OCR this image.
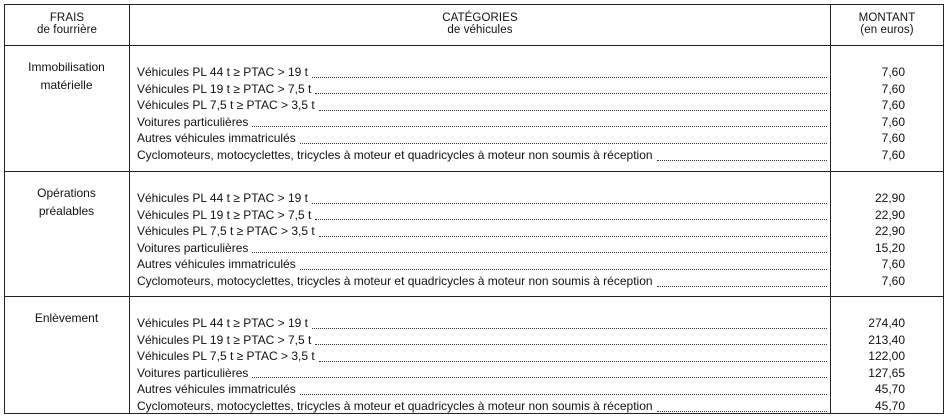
FRAIS
de fourrière
CATÉGORIES
de véhicules
MONTANT
(en euros)
Immobilisation
matérielle
Véhicules PL 44 t ≥ PTAC > 19 t
Véhicules PL 19 t ≥ PTAC > 7,5 t
Véhicules PL 7,5 t ≥ PTAC > 3,5 t
Voitures particulières
Autres véhicules immatriculés
Cyclomoteurs, motocyclettes, tricycles à moteur et quadricycles à moteur non soumis à réception
7,60
7,60
7,60
7,60
7,60
7,60
Opérations
préalables
Véhicules PL 44 t ≥ PTAC > 19 t
Véhicules PL 19 t ≥ PTAC > 7,5 t
Véhicules PL 7,5 t ≥ PTAC > 3,5 t
Voitures particulières
Autres véhicules immatriculés
Cyclomoteurs, motocyclettes, tricycles à moteur et quadricycles à moteur non soumis à réception
22,90
22,90
22,90
15,20
7,60
7,60
Enlèvement	Véhicules PL 44 t ≥ PTAC > 19 t
Véhicules PL 19 t ≥ PTAC > 7,5 t
Véhicules PL 7,5 t ≥ PTAC > 3,5 t
Voitures particulières
Autres véhicules immatriculés
Cyclomoteurs, motocyclettes, tricycles à moteur et quadricycles à moteur non soumis à réception
274,40
213,40
122,00
127,65
45,70
45,70
